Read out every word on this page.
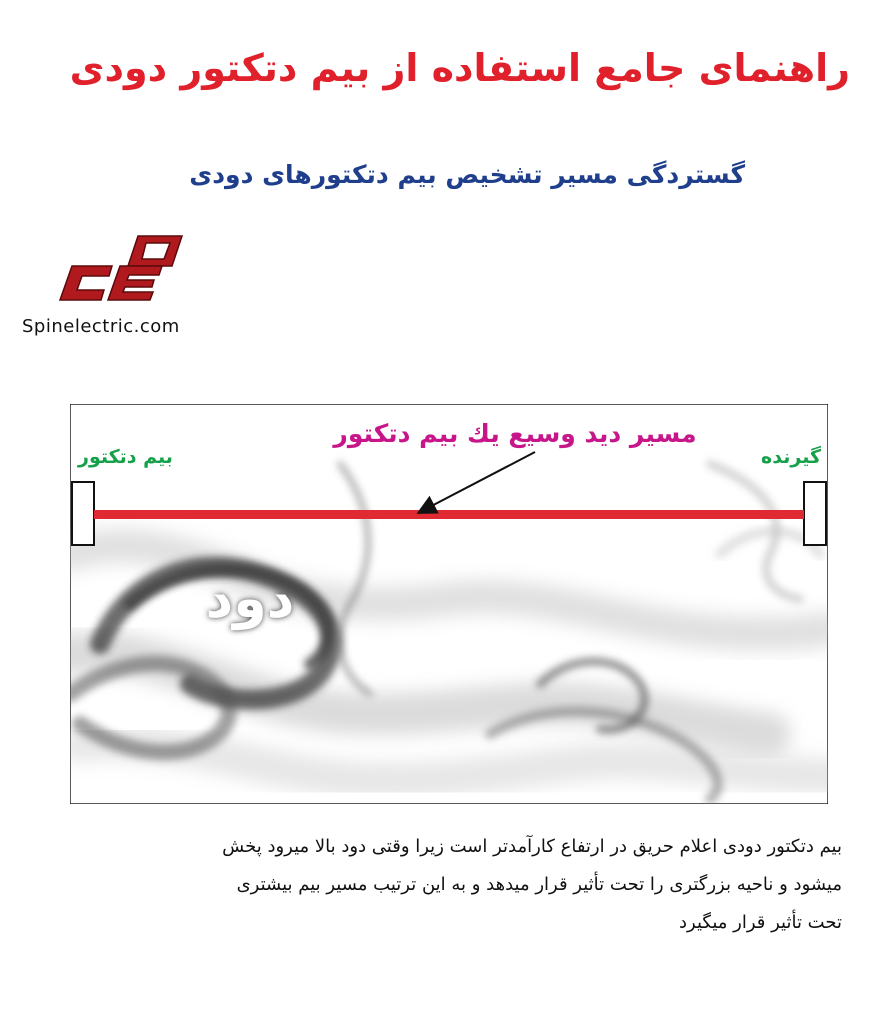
راهنمای جامع استفاده از بیم دتکتور دودی
گستردگی مسیر تشخیص بیم دتکتورهای دودی
Spinelectric.com
مسیر دید وسیع یك بیم دتكتور
بیم دتکتور	گیرنده
دود

بیم دتکتور دودی اعلام حریق در ارتفاع کارآمدتر است زیرا وقتی دود بالا میرود پخش

میشود و ناحیه بزرگتری را تحت تأثیر قرار میدهد و به این ترتیب مسیر بیم بیشتری

تحت تأثیر قرار میگیرد
